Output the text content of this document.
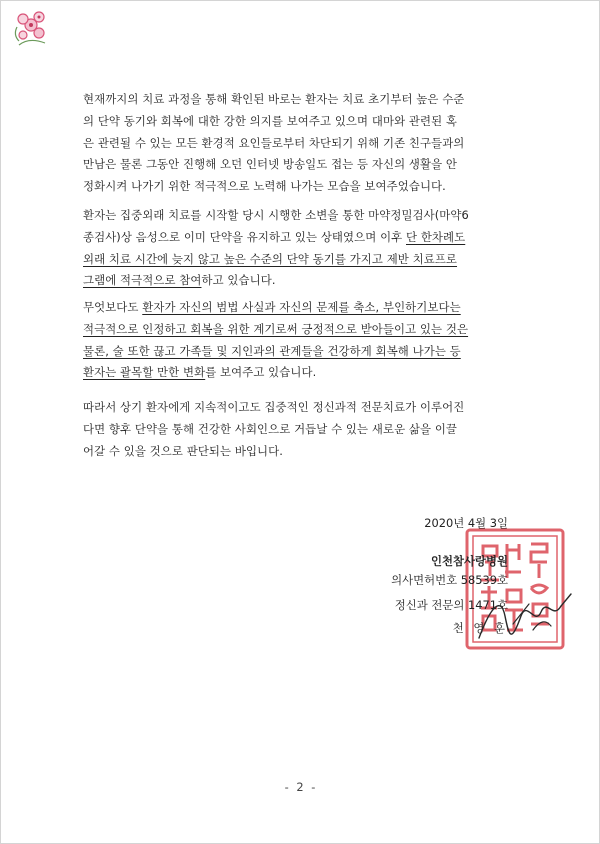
현재까지의 치료 과정을 통해 확인된 바로는 환자는 치료 초기부터 높은 수준
의 단약 동기와 회복에 대한 강한 의지를 보여주고 있으며 대마와 관련된 혹
은 관련될 수 있는 모든 환경적 요인들로부터 차단되기 위해 기존 친구들과의
만남은 물론 그동안 진행해 오던 인터넷 방송일도 접는 등 자신의 생활을 안
정화시켜 나가기 위한 적극적으로 노력해 나가는 모습을 보여주었습니다.

환자는 집중외래 치료를 시작할 당시 시행한 소변을 통한 마약정밀검사(마약6
종검사)상 음성으로 이미 단약을 유지하고 있는 상태였으며 이후 단 한차례도
외래 치료 시간에 늦지 않고 높은 수준의 단약 동기를 가지고 제반 치료프로
그램에 적극적으로 참여하고 있습니다.

무엇보다도 환자가 자신의 범법 사실과 자신의 문제를 축소, 부인하기보다는
적극적으로 인정하고 회복을 위한 계기로써 긍정적으로 받아들이고 있는 것은
물론, 술 또한 끊고 가족들 및 지인과의 관계들을 건강하게 회복해 나가는 등
환자는 괄목할 만한 변화를 보여주고 있습니다.

따라서 상기 환자에게 지속적이고도 집중적인 정신과적 전문치료가 이루어진
다면 향후 단약을 통해 건강한 사회인으로 거듭날 수 있는 새로운 삶을 이끌
어갈 수 있을 것으로 판단되는 바입니다.

2020년 4월 3일
인천참사랑병원
의사면허번호 58539호
정신과 전문의 1471호
천 영 훈
- 2 -
